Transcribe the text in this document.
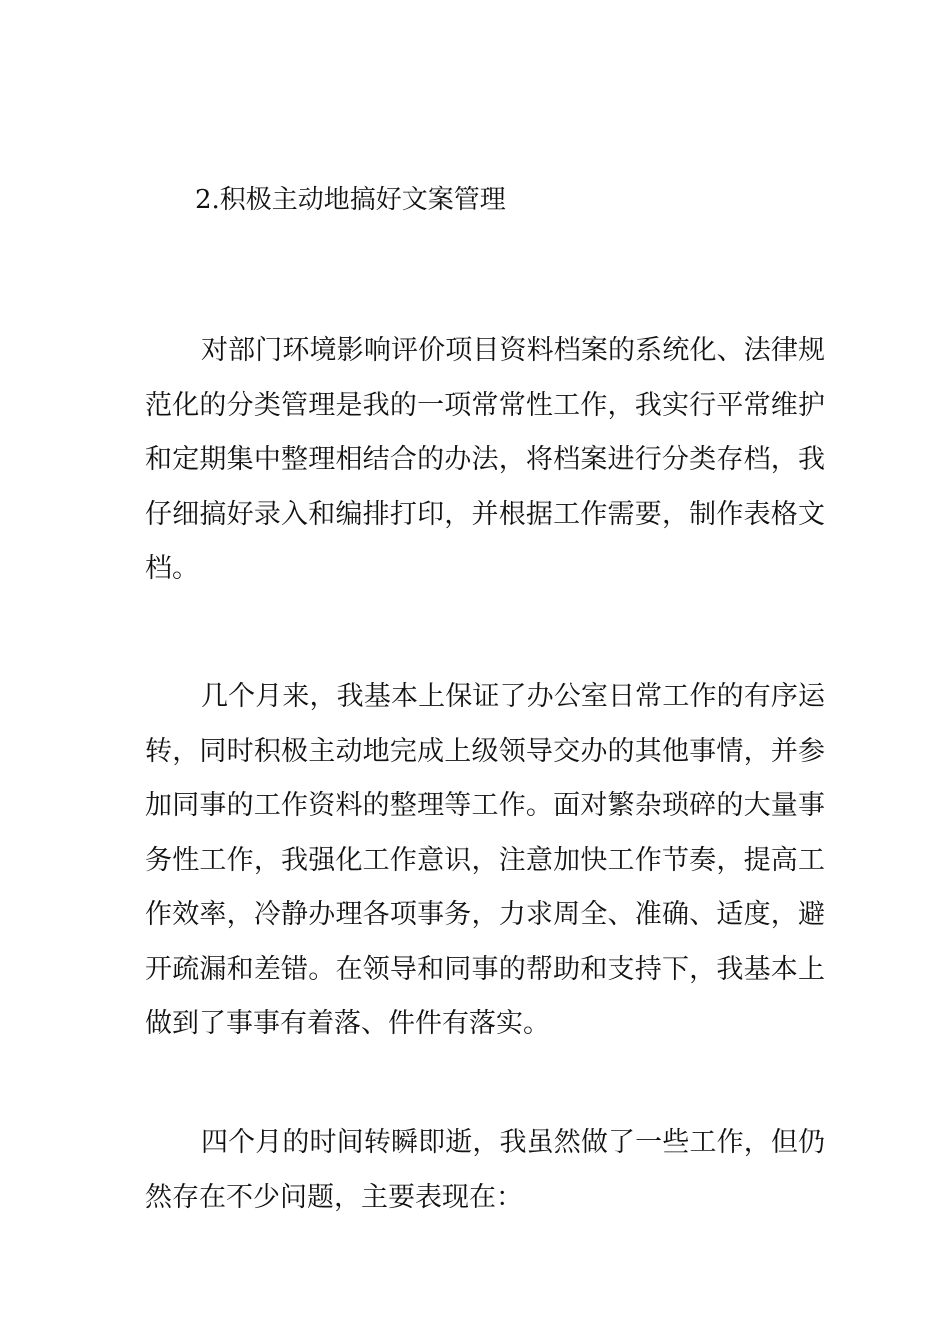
2.积极主动地搞好文案管理

对部门环境影响评价项目资料档案的系统化、法律规范化的分类管理是我的一项常常性工作，我实行平常维护和定期集中整理相结合的办法，将档案进行分类存档，我仔细搞好录入和编排打印，并根据工作需要，制作表格文档。

几个月来，我基本上保证了办公室日常工作的有序运转，同时积极主动地完成上级领导交办的其他事情，并参加同事的工作资料的整理等工作。面对繁杂琐碎的大量事务性工作，我强化工作意识，注意加快工作节奏，提高工作效率，冷静办理各项事务，力求周全、准确、适度，避开疏漏和差错。在领导和同事的帮助和支持下，我基本上做到了事事有着落、件件有落实。

四个月的时间转瞬即逝，我虽然做了一些工作，但仍然存在不少问题，主要表现在：
